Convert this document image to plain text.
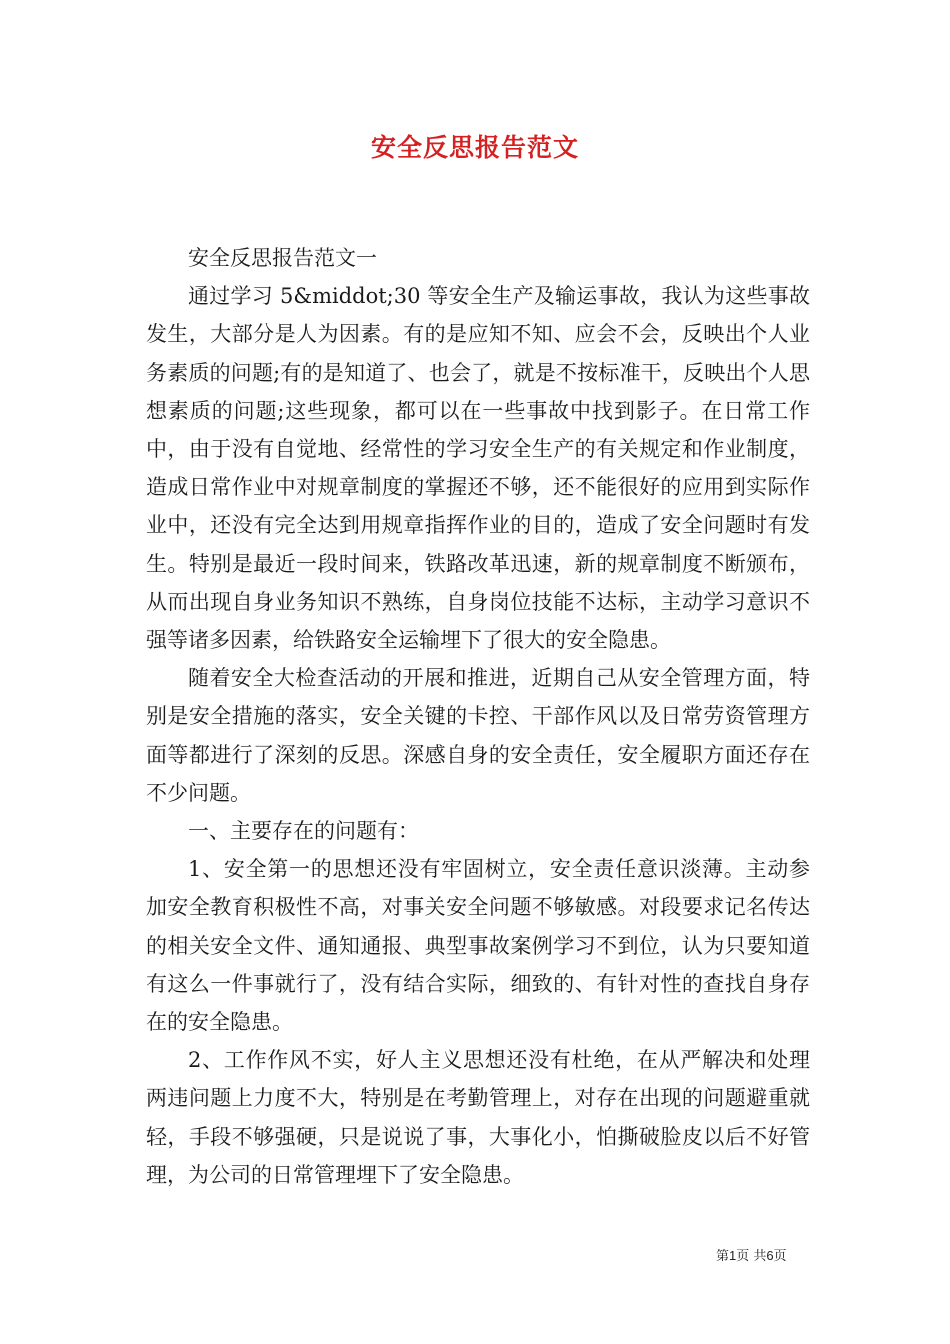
安全反思报告范文

安全反思报告范文一

通过学习 5&middot;30 等安全生产及输运事故，我认为这些事故发生，大部分是人为因素。有的是应知不知、应会不会，反映出个人业务素质的问题;有的是知道了、也会了，就是不按标准干，反映出个人思想素质的问题;这些现象，都可以在一些事故中找到影子。在日常工作中，由于没有自觉地、经常性的学习安全生产的有关规定和作业制度，造成日常作业中对规章制度的掌握还不够，还不能很好的应用到实际作业中，还没有完全达到用规章指挥作业的目的，造成了安全问题时有发生。特别是最近一段时间来，铁路改革迅速，新的规章制度不断颁布，从而出现自身业务知识不熟练，自身岗位技能不达标，主动学习意识不强等诸多因素，给铁路安全运输埋下了很大的安全隐患。

随着安全大检查活动的开展和推进，近期自己从安全管理方面，特别是安全措施的落实，安全关键的卡控、干部作风以及日常劳资管理方面等都进行了深刻的反思。深感自身的安全责任，安全履职方面还存在不少问题。

一、主要存在的问题有：

1、安全第一的思想还没有牢固树立，安全责任意识淡薄。主动参加安全教育积极性不高，对事关安全问题不够敏感。对段要求记名传达的相关安全文件、通知通报、典型事故案例学习不到位，认为只要知道有这么一件事就行了，没有结合实际，细致的、有针对性的查找自身存在的安全隐患。

2、工作作风不实，好人主义思想还没有杜绝，在从严解决和处理两违问题上力度不大，特别是在考勤管理上，对存在出现的问题避重就轻，手段不够强硬，只是说说了事，大事化小，怕撕破脸皮以后不好管理，为公司的日常管理埋下了安全隐患。

第1页 共6页
